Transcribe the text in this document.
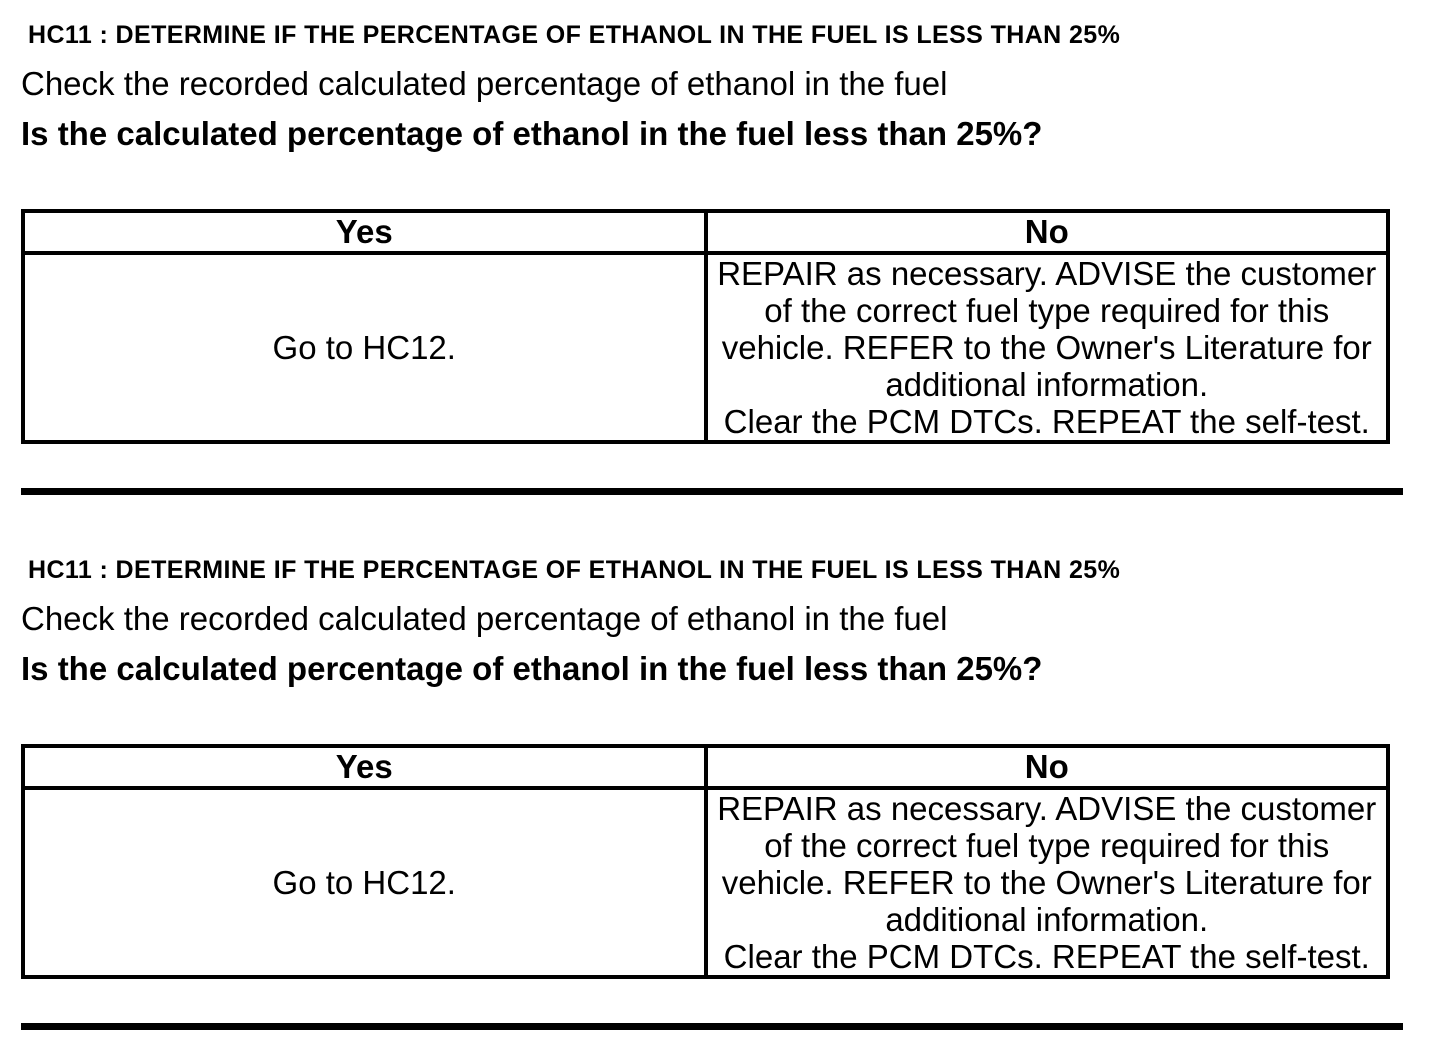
HC11 : DETERMINE IF THE PERCENTAGE OF ETHANOL IN THE FUEL IS LESS THAN 25%

Check the recorded calculated percentage of ethanol in the fuel

Is the calculated percentage of ethanol in the fuel less than 25%?

Yes	No
Go to HC12.	REPAIR as necessary. ADVISE the customer
of the correct fuel type required for this
vehicle. REFER to the Owner's Literature for
additional information.
Clear the PCM DTCs. REPEAT the self-test.
HC11 : DETERMINE IF THE PERCENTAGE OF ETHANOL IN THE FUEL IS LESS THAN 25%

Check the recorded calculated percentage of ethanol in the fuel

Is the calculated percentage of ethanol in the fuel less than 25%?

Yes	No
Go to HC12.	REPAIR as necessary. ADVISE the customer
of the correct fuel type required for this
vehicle. REFER to the Owner's Literature for
additional information.
Clear the PCM DTCs. REPEAT the self-test.
